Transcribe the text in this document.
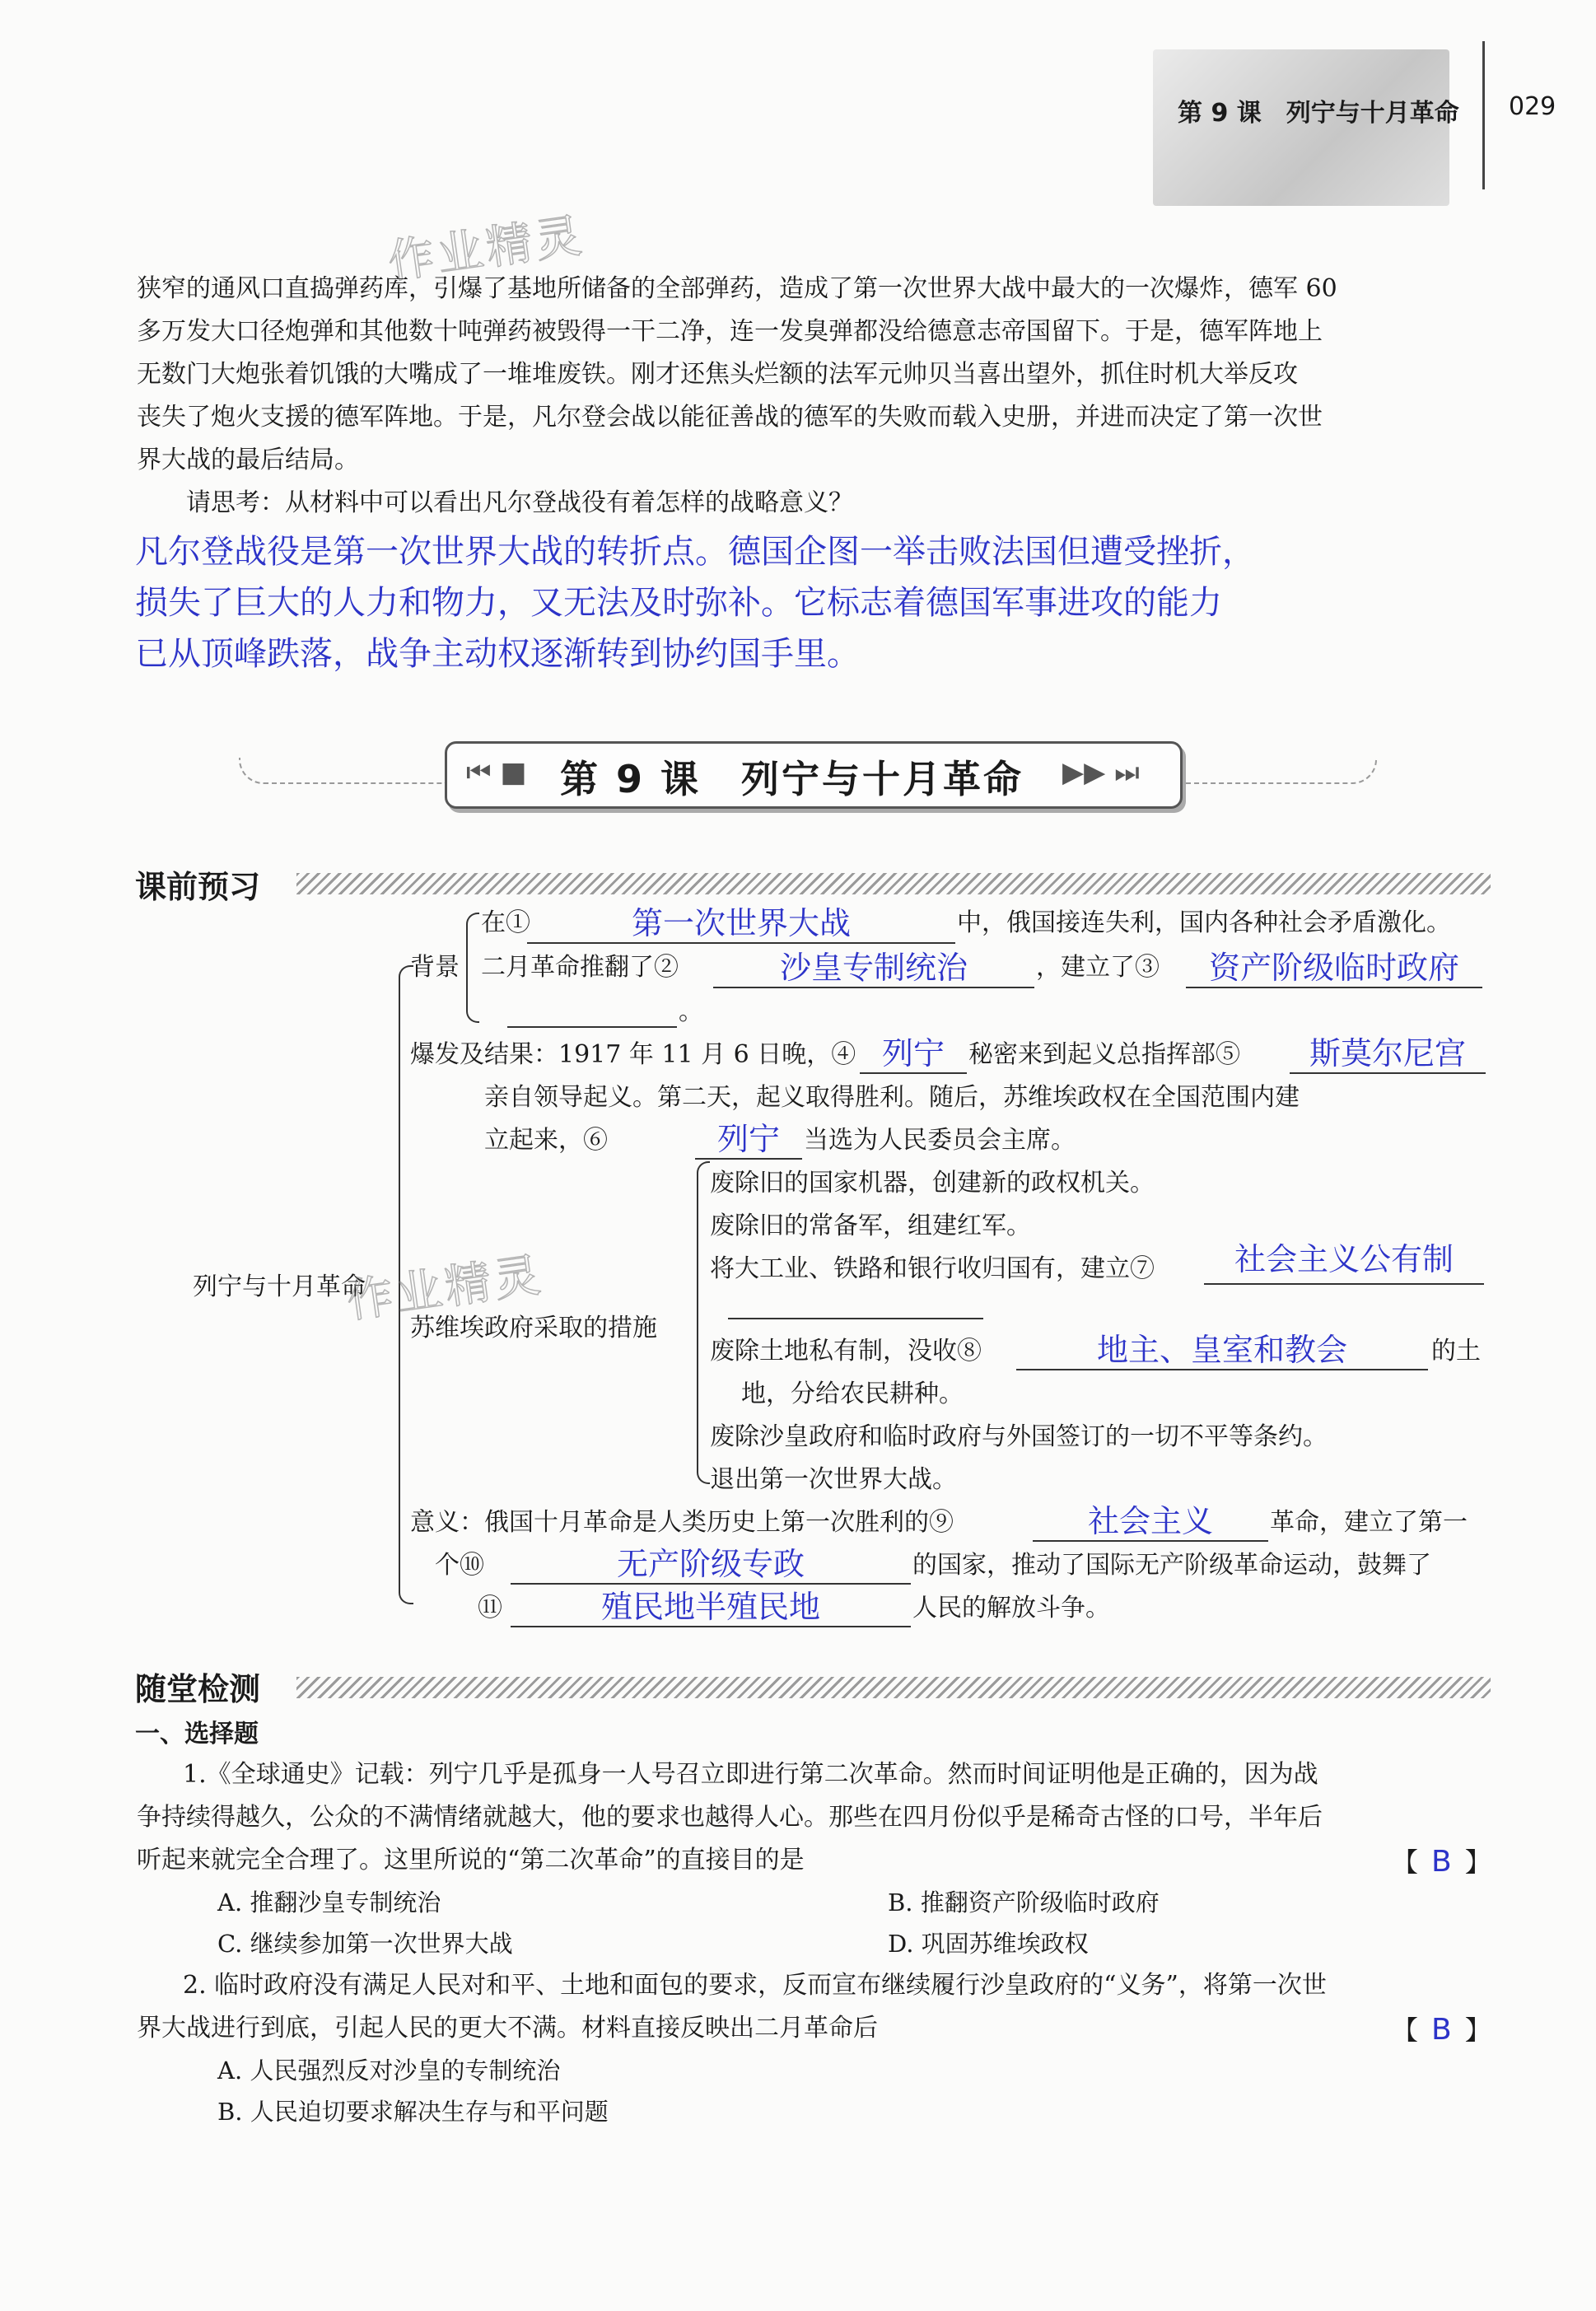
第 9 课　列宁与十月革命 029
作业精灵
狭窄的通风口直捣弹药库，引爆了基地所储备的全部弹药，造成了第一次世界大战中最大的一次爆炸，德军 60
多万发大口径炮弹和其他数十吨弹药被毁得一干二净，连一发臭弹都没给德意志帝国留下。于是，德军阵地上
无数门大炮张着饥饿的大嘴成了一堆堆废铁。刚才还焦头烂额的法军元帅贝当喜出望外，抓住时机大举反攻
丧失了炮火支援的德军阵地。于是，凡尔登会战以能征善战的德军的失败而载入史册，并进而决定了第一次世
界大战的最后结局。
请思考：从材料中可以看出凡尔登战役有着怎样的战略意义？
凡尔登战役是第一次世界大战的转折点。德国企图一举击败法国但遭受挫折，
损失了巨大的人力和物力，又无法及时弥补。它标志着德国军事进攻的能力
已从顶峰跌落，战争主动权逐渐转到协约国手里。
⏮ ■ 第 9 课　列宁与十月革命 ▶▶ ⏭
课前预习
列宁与十月革命
背景
在①	第一次世界大战	中，俄国接连失利，国内各种社会矛盾激化。
二月革命推翻了②	沙皇专制统治	，建立了③	资产阶级临时政府
。
爆发及结果：1917 年 11 月 6 日晚，④ 列宁 秘密来到起义总指挥部⑤	斯莫尔尼宫
亲自领导起义。第二天，起义取得胜利。随后，苏维埃政权在全国范围内建
立起来，⑥	列宁 当选为人民委员会主席。
苏维埃政府采取的措施
废除旧的国家机器，创建新的政权机关。
废除旧的常备军，组建红军。
将大工业、铁路和银行收归国有，建立⑦	社会主义公有制
废除土地私有制，没收⑧	地主、皇室和教会	的土
地，分给农民耕种。
废除沙皇政府和临时政府与外国签订的一切不平等条约。
退出第一次世界大战。
意义：俄国十月革命是人类历史上第一次胜利的⑨	社会主义	革命，建立了第一
个⑩	无产阶级专政	的国家，推动了国际无产阶级革命运动，鼓舞了
⑪	殖民地半殖民地	人民的解放斗争。
作业精灵
随堂检测
一、选择题
1.《全球通史》记载：列宁几乎是孤身一人号召立即进行第二次革命。然而时间证明他是正确的，因为战
争持续得越久，公众的不满情绪就越大，他的要求也越得人心。那些在四月份似乎是稀奇古怪的口号，半年后
听起来就完全合理了。这里所说的“第二次革命”的直接目的是	【 B 】
A. 推翻沙皇专制统治	B. 推翻资产阶级临时政府
C. 继续参加第一次世界大战	D. 巩固苏维埃政权
2. 临时政府没有满足人民对和平、土地和面包的要求，反而宣布继续履行沙皇政府的“义务”，将第一次世
界大战进行到底，引起人民的更大不满。材料直接反映出二月革命后	【 B 】
A. 人民强烈反对沙皇的专制统治
B. 人民迫切要求解决生存与和平问题
